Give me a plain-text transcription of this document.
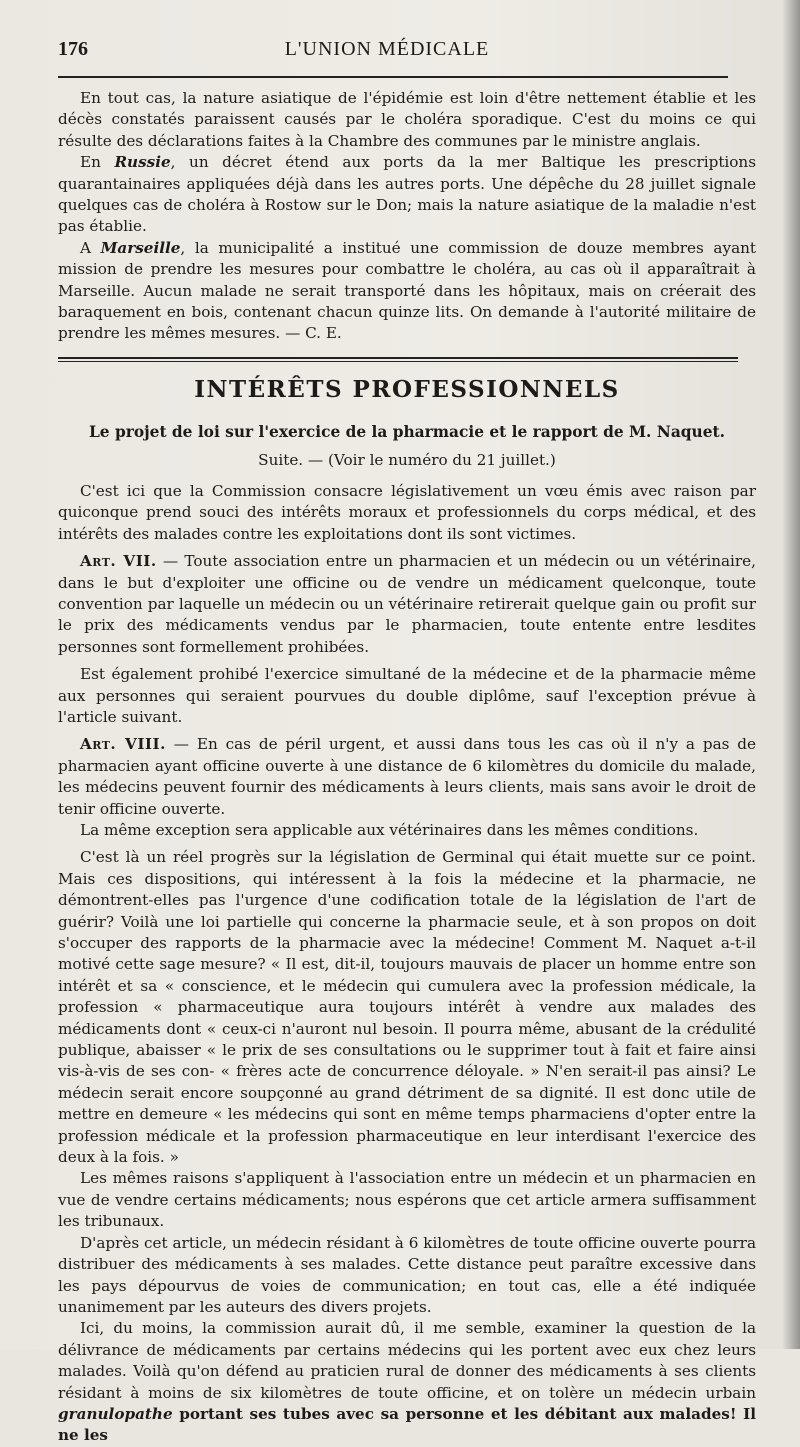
176	L'UNION MÉDICALE

En tout cas, la nature asiatique de l'épidémie est loin d'être nettement établie et les décès constatés paraissent causés par le choléra sporadique. C'est du moins ce qui résulte des déclarations faites à la Chambre des communes par le ministre anglais.

En Russie, un décret étend aux ports da la mer Baltique les prescriptions quarantainaires appliquées déjà dans les autres ports. Une dépêche du 28 juillet signale quelques cas de choléra à Rostow sur le Don; mais la nature asiatique de la maladie n'est pas établie.

A Marseille, la municipalité a institué une commission de douze membres ayant mission de prendre les mesures pour combattre le choléra, au cas où il apparaîtrait à Marseille. Aucun malade ne serait transporté dans les hôpitaux, mais on créerait des baraquement en bois, contenant chacun quinze lits. On demande à l'autorité militaire de prendre les mêmes mesures. — C. E.

INTÉRÊTS PROFESSIONNELS
Le projet de loi sur l'exercice de la pharmacie et le rapport de M. Naquet.
Suite. — (Voir le numéro du 21 juillet.)

C'est ici que la Commission consacre législativement un vœu émis avec raison par quiconque prend souci des intérêts moraux et professionnels du corps médical, et des intérêts des malades contre les exploitations dont ils sont victimes.

Art. VII. — Toute association entre un pharmacien et un médecin ou un vétérinaire, dans le but d'exploiter une officine ou de vendre un médicament quelconque, toute convention par laquelle un médecin ou un vétérinaire retirerait quelque gain ou profit sur le prix des médicaments vendus par le pharmacien, toute entente entre lesdites personnes sont formellement prohibées.

Est également prohibé l'exercice simultané de la médecine et de la pharmacie même aux personnes qui seraient pourvues du double diplôme, sauf l'exception prévue à l'article suivant.

Art. VIII. — En cas de péril urgent, et aussi dans tous les cas où il n'y a pas de pharmacien ayant officine ouverte à une distance de 6 kilomètres du domicile du malade, les médecins peuvent fournir des médicaments à leurs clients, mais sans avoir le droit de tenir officine ouverte.

La même exception sera applicable aux vétérinaires dans les mêmes conditions.

C'est là un réel progrès sur la législation de Germinal qui était muette sur ce point. Mais ces dispositions, qui intéressent à la fois la médecine et la pharmacie, ne démontrent-elles pas l'urgence d'une codification totale de la législation de l'art de guérir? Voilà une loi partielle qui concerne la pharmacie seule, et à son propos on doit s'occuper des rapports de la pharmacie avec la médecine! Comment M. Naquet a-t-il motivé cette sage mesure? « Il est, dit-il, toujours mauvais de placer un homme entre son intérêt et sa « conscience, et le médecin qui cumulera avec la profession médicale, la profession « pharmaceutique aura toujours intérêt à vendre aux malades des médicaments dont « ceux-ci n'auront nul besoin. Il pourra même, abusant de la crédulité publique, abaisser « le prix de ses consultations ou le supprimer tout à fait et faire ainsi vis-à-vis de ses con- « frères acte de concurrence déloyale. » N'en serait-il pas ainsi? Le médecin serait encore soupçonné au grand détriment de sa dignité. Il est donc utile de mettre en demeure « les médecins qui sont en même temps pharmaciens d'opter entre la profession médicale et la profession pharmaceutique en leur interdisant l'exercice des deux à la fois. »

Les mêmes raisons s'appliquent à l'association entre un médecin et un pharmacien en vue de vendre certains médicaments; nous espérons que cet article armera suffisamment les tribunaux.

D'après cet article, un médecin résidant à 6 kilomètres de toute officine ouverte pourra distribuer des médicaments à ses malades. Cette distance peut paraître excessive dans les pays dépourvus de voies de communication; en tout cas, elle a été indiquée unanimement par les auteurs des divers projets.

Ici, du moins, la commission aurait dû, il me semble, examiner la question de la délivrance de médicaments par certains médecins qui les portent avec eux chez leurs malades. Voilà qu'on défend au praticien rural de donner des médicaments à ses clients résidant à moins de six kilomètres de toute officine, et on tolère un médecin urbain granulopathe portant ses tubes avec sa personne et les débitant aux malades! Il ne les
